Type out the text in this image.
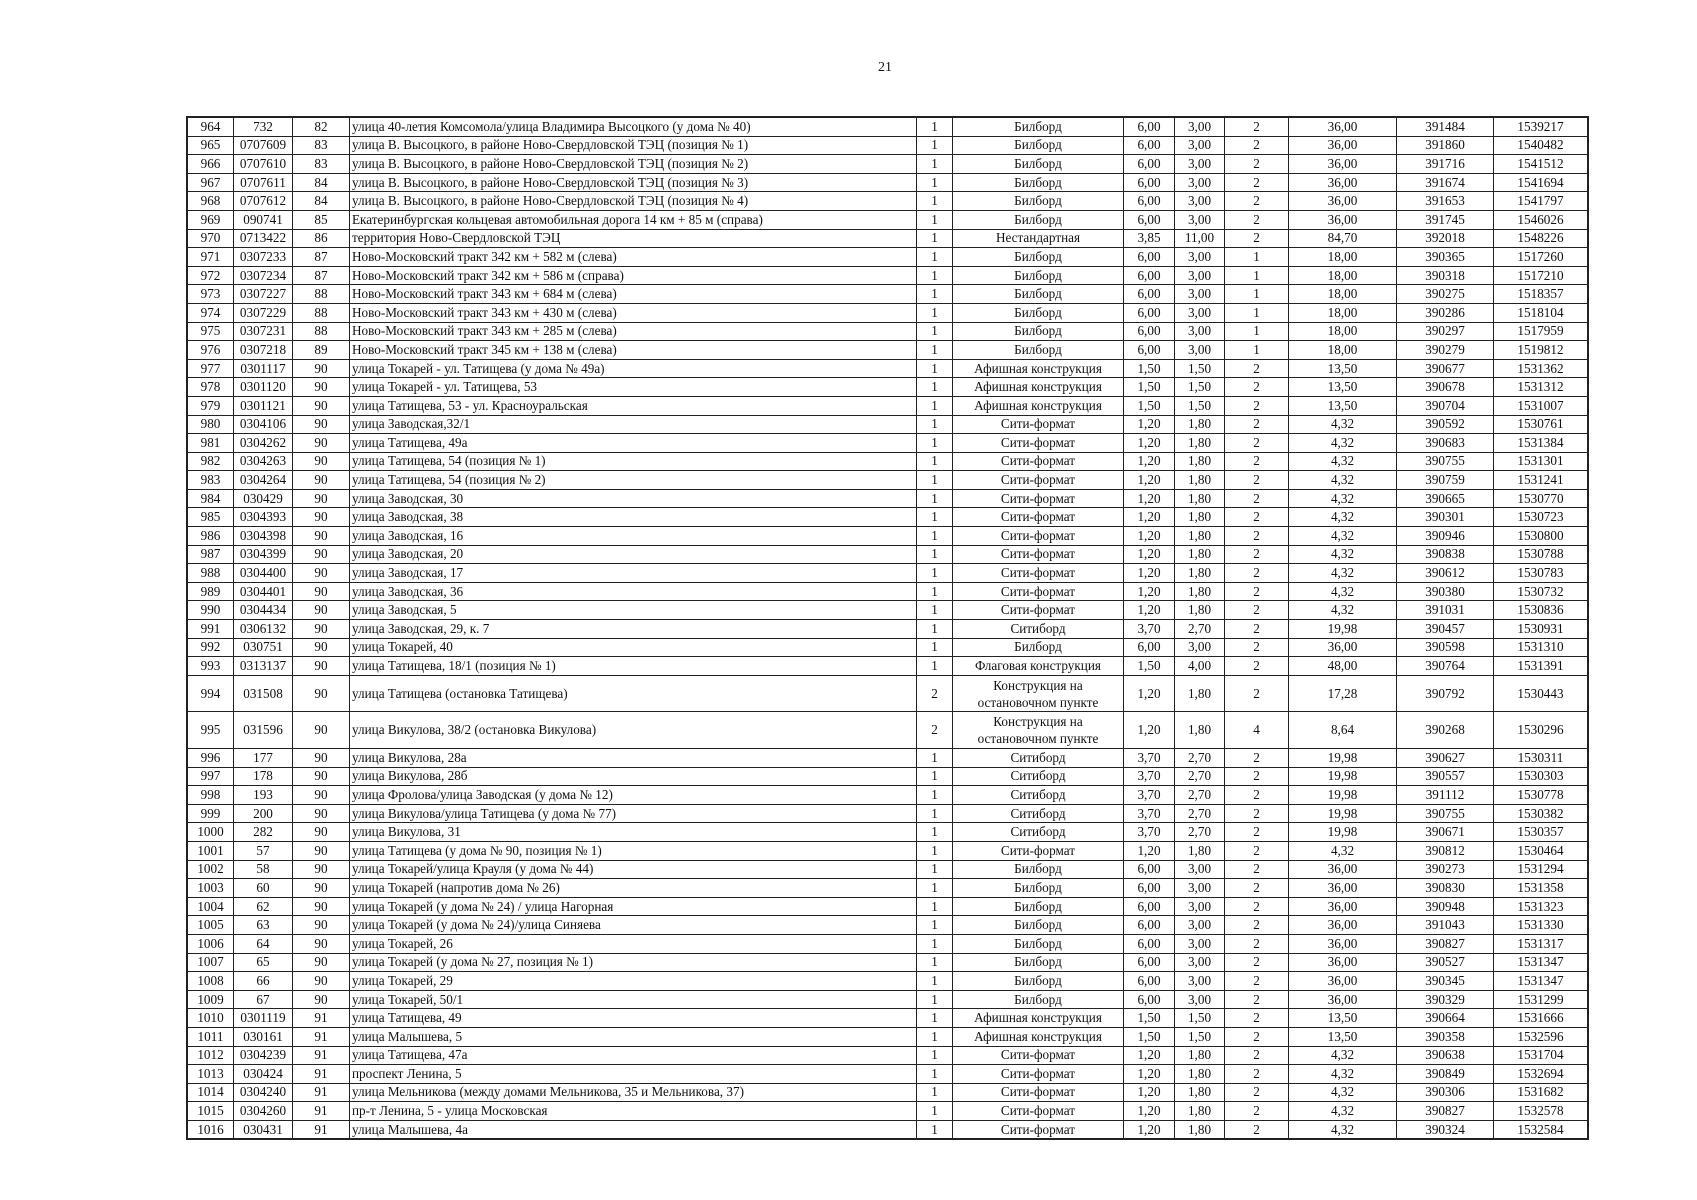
21
964	732	82	улица 40-летия Комсомола/улица Владимира Высоцкого (у дома № 40)	1	Билборд	6,00	3,00	2	36,00	391484	1539217
965	0707609	83	улица В. Высоцкого, в районе Ново-Свердловской ТЭЦ (позиция № 1)	1	Билборд	6,00	3,00	2	36,00	391860	1540482
966	0707610	83	улица В. Высоцкого, в районе Ново-Свердловской ТЭЦ (позиция № 2)	1	Билборд	6,00	3,00	2	36,00	391716	1541512
967	0707611	84	улица В. Высоцкого, в районе Ново-Свердловской ТЭЦ (позиция № 3)	1	Билборд	6,00	3,00	2	36,00	391674	1541694
968	0707612	84	улица В. Высоцкого, в районе Ново-Свердловской ТЭЦ (позиция № 4)	1	Билборд	6,00	3,00	2	36,00	391653	1541797
969	090741	85	Екатеринбургская кольцевая автомобильная дорога 14 км + 85 м (справа)	1	Билборд	6,00	3,00	2	36,00	391745	1546026
970	0713422	86	территория Ново-Свердловской ТЭЦ	1	Нестандартная	3,85	11,00	2	84,70	392018	1548226
971	0307233	87	Ново-Московский тракт 342 км + 582 м (слева)	1	Билборд	6,00	3,00	1	18,00	390365	1517260
972	0307234	87	Ново-Московский тракт 342 км + 586 м (справа)	1	Билборд	6,00	3,00	1	18,00	390318	1517210
973	0307227	88	Ново-Московский тракт 343 км + 684 м (слева)	1	Билборд	6,00	3,00	1	18,00	390275	1518357
974	0307229	88	Ново-Московский тракт 343 км + 430 м (слева)	1	Билборд	6,00	3,00	1	18,00	390286	1518104
975	0307231	88	Ново-Московский тракт 343 км + 285 м (слева)	1	Билборд	6,00	3,00	1	18,00	390297	1517959
976	0307218	89	Ново-Московский тракт 345 км + 138 м (слева)	1	Билборд	6,00	3,00	1	18,00	390279	1519812
977	0301117	90	улица Токарей - ул. Татищева (у дома № 49а)	1	Афишная конструкция	1,50	1,50	2	13,50	390677	1531362
978	0301120	90	улица Токарей - ул. Татищева, 53	1	Афишная конструкция	1,50	1,50	2	13,50	390678	1531312
979	0301121	90	улица Татищева, 53 - ул. Красноуральская	1	Афишная конструкция	1,50	1,50	2	13,50	390704	1531007
980	0304106	90	улица Заводская,32/1	1	Сити-формат	1,20	1,80	2	4,32	390592	1530761
981	0304262	90	улица Татищева, 49а	1	Сити-формат	1,20	1,80	2	4,32	390683	1531384
982	0304263	90	улица Татищева, 54 (позиция № 1)	1	Сити-формат	1,20	1,80	2	4,32	390755	1531301
983	0304264	90	улица Татищева, 54 (позиция № 2)	1	Сити-формат	1,20	1,80	2	4,32	390759	1531241
984	030429	90	улица Заводская, 30	1	Сити-формат	1,20	1,80	2	4,32	390665	1530770
985	0304393	90	улица Заводская, 38	1	Сити-формат	1,20	1,80	2	4,32	390301	1530723
986	0304398	90	улица Заводская, 16	1	Сити-формат	1,20	1,80	2	4,32	390946	1530800
987	0304399	90	улица Заводская, 20	1	Сити-формат	1,20	1,80	2	4,32	390838	1530788
988	0304400	90	улица Заводская, 17	1	Сити-формат	1,20	1,80	2	4,32	390612	1530783
989	0304401	90	улица Заводская, 36	1	Сити-формат	1,20	1,80	2	4,32	390380	1530732
990	0304434	90	улица Заводская, 5	1	Сити-формат	1,20	1,80	2	4,32	391031	1530836
991	0306132	90	улица Заводская, 29, к. 7	1	Ситиборд	3,70	2,70	2	19,98	390457	1530931
992	030751	90	улица Токарей, 40	1	Билборд	6,00	3,00	2	36,00	390598	1531310
993	0313137	90	улица Татищева, 18/1 (позиция № 1)	1	Флаговая конструкция	1,50	4,00	2	48,00	390764	1531391
994	031508	90	улица Татищева (остановка Татищева)	2	Конструкция на остановочном пункте	1,20	1,80	2	17,28	390792	1530443
995	031596	90	улица Викулова, 38/2 (остановка Викулова)	2	Конструкция на остановочном пункте	1,20	1,80	4	8,64	390268	1530296
996	177	90	улица Викулова, 28а	1	Ситиборд	3,70	2,70	2	19,98	390627	1530311
997	178	90	улица Викулова, 28б	1	Ситиборд	3,70	2,70	2	19,98	390557	1530303
998	193	90	улица Фролова/улица Заводская (у дома № 12)	1	Ситиборд	3,70	2,70	2	19,98	391112	1530778
999	200	90	улица Викулова/улица Татищева (у дома № 77)	1	Ситиборд	3,70	2,70	2	19,98	390755	1530382
1000	282	90	улица Викулова, 31	1	Ситиборд	3,70	2,70	2	19,98	390671	1530357
1001	57	90	улица Татищева (у дома № 90, позиция № 1)	1	Сити-формат	1,20	1,80	2	4,32	390812	1530464
1002	58	90	улица Токарей/улица Крауля (у дома № 44)	1	Билборд	6,00	3,00	2	36,00	390273	1531294
1003	60	90	улица Токарей (напротив дома № 26)	1	Билборд	6,00	3,00	2	36,00	390830	1531358
1004	62	90	улица Токарей (у дома № 24) / улица Нагорная	1	Билборд	6,00	3,00	2	36,00	390948	1531323
1005	63	90	улица Токарей (у дома № 24)/улица Синяева	1	Билборд	6,00	3,00	2	36,00	391043	1531330
1006	64	90	улица Токарей, 26	1	Билборд	6,00	3,00	2	36,00	390827	1531317
1007	65	90	улица Токарей (у дома № 27, позиция № 1)	1	Билборд	6,00	3,00	2	36,00	390527	1531347
1008	66	90	улица Токарей, 29	1	Билборд	6,00	3,00	2	36,00	390345	1531347
1009	67	90	улица Токарей, 50/1	1	Билборд	6,00	3,00	2	36,00	390329	1531299
1010	0301119	91	улица Татищева, 49	1	Афишная конструкция	1,50	1,50	2	13,50	390664	1531666
1011	030161	91	улица Малышева, 5	1	Афишная конструкция	1,50	1,50	2	13,50	390358	1532596
1012	0304239	91	улица Татищева, 47а	1	Сити-формат	1,20	1,80	2	4,32	390638	1531704
1013	030424	91	проспект Ленина, 5	1	Сити-формат	1,20	1,80	2	4,32	390849	1532694
1014	0304240	91	улица Мельникова (между домами Мельникова, 35 и Мельникова, 37)	1	Сити-формат	1,20	1,80	2	4,32	390306	1531682
1015	0304260	91	пр-т Ленина, 5 - улица Московская	1	Сити-формат	1,20	1,80	2	4,32	390827	1532578
1016	030431	91	улица Малышева, 4а	1	Сити-формат	1,20	1,80	2	4,32	390324	1532584
